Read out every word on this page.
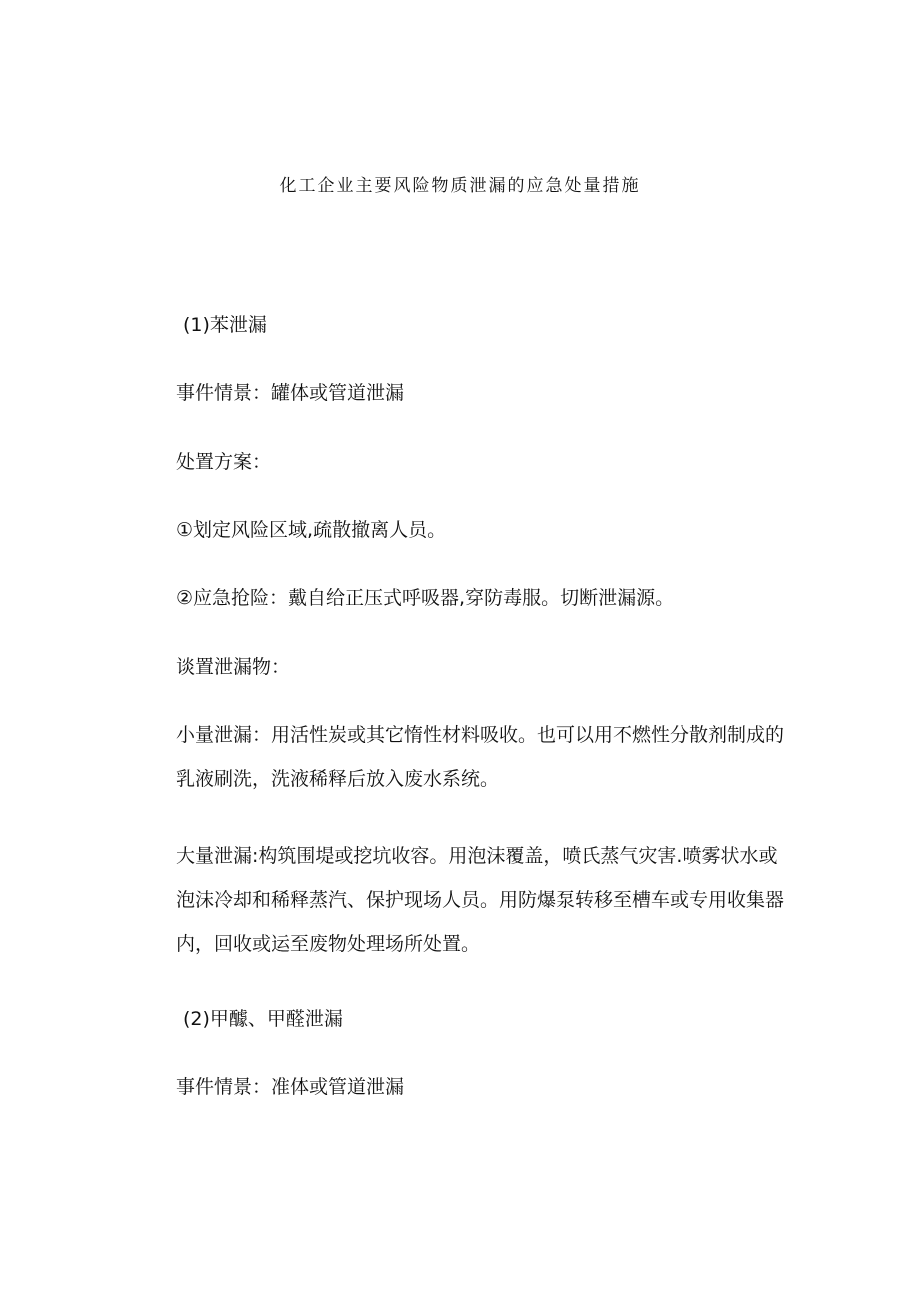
化工企业主要风险物质泄漏的应急处量措施

(1)苯泄漏

事件情景：罐体或管道泄漏

处置方案：

①划定风险区域,疏散撤离人员。

②应急抢险：戴自给正压式呼吸器,穿防毒服。切断泄漏源。

谈置泄漏物：

小量泄漏：用活性炭或其它惰性材料吸收。也可以用不燃性分散剂制成的乳液刷洗，洗液稀释后放入废水系统。

大量泄漏:构筑围堤或挖坑收容。用泡沫覆盖，喷氏蒸气灾害.喷雾状水或泡沫冷却和稀释蒸汽、保护现场人员。用防爆泵转移至槽车或专用收集器内，回收或运至废物处理场所处置。

(2)甲醵、甲醛泄漏

事件情景：准体或管道泄漏
